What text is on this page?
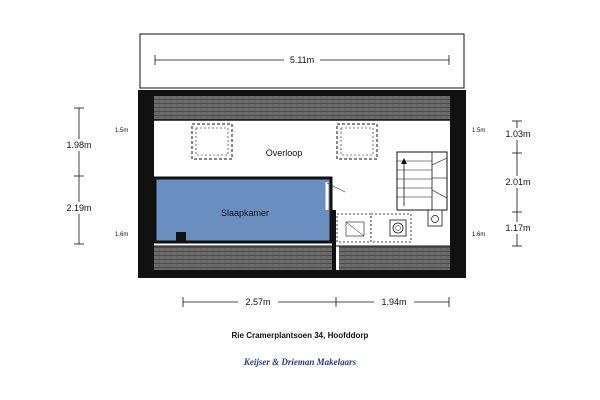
5.11m
1.03m
2.01m
1.17m
1.98m
2.19m
1.5m
1.6m
1.5m
1.6m
Overloop
Slaapkamer
2.57m	1.94m
Rie Cramerplantsoen 34, Hoofddorp
Keijser & Drieman Makelaars
